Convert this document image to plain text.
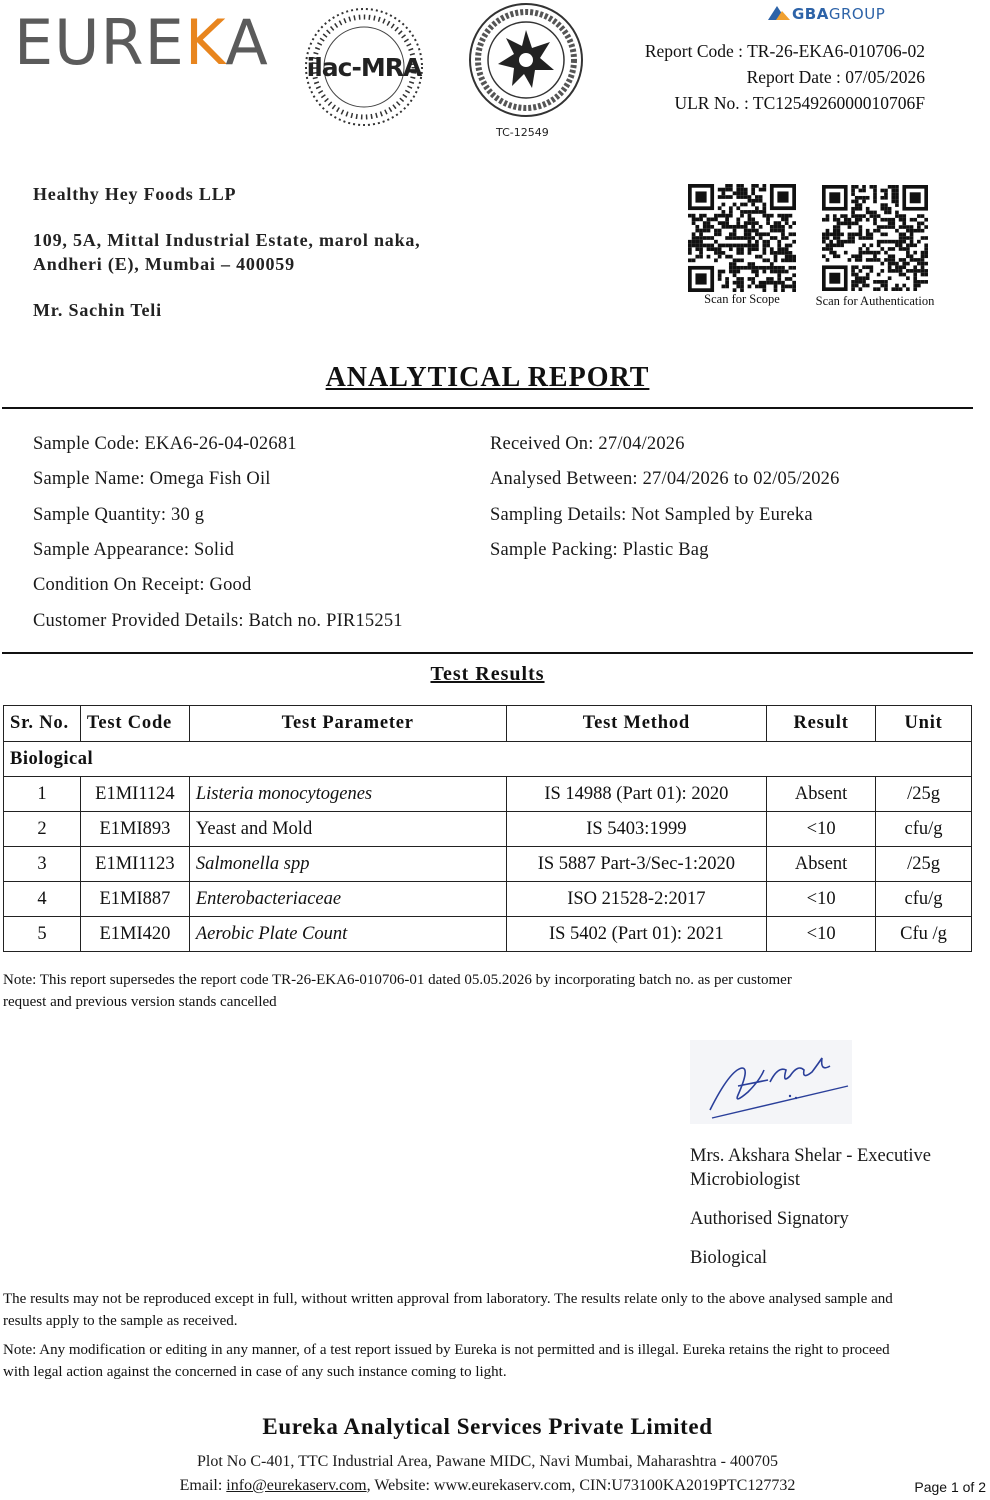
EUREKA ilac-MRA
TC-12549
GBAGROUP
Report Code : TR-26-EKA6-010706-02
Report Date : 07/05/2026
ULR No. : TC1254926000010706F
Healthy Hey Foods LLP
109, 5A, Mittal Industrial Estate, marol naka,
Andheri (E), Mumbai – 400059
Mr. Sachin Teli
Scan for Scope	Scan for Authentication
ANALYTICAL REPORT
Sample Code: EKA6-26-04-02681
Sample Name: Omega Fish Oil
Sample Quantity: 30 g
Sample Appearance: Solid
Condition On Receipt: Good
Customer Provided Details: Batch no. PIR15251
Received On: 27/04/2026
Analysed Between: 27/04/2026 to 02/05/2026
Sampling Details: Not Sampled by Eureka
Sample Packing: Plastic Bag
Test Results
Sr. No.	Test Code	Test Parameter	Test Method	Result	Unit
Biological					
1	E1MI1124	Listeria monocytogenes	IS 14988 (Part 01): 2020	Absent	/25g
2	E1MI893	Yeast and Mold	IS 5403:1999	<10	cfu/g
3	E1MI1123	Salmonella spp	IS 5887 Part-3/Sec-1:2020	Absent	/25g
4	E1MI887	Enterobacteriaceae	ISO 21528-2:2017	<10	cfu/g
5	E1MI420	Aerobic Plate Count	IS 5402 (Part 01): 2021	<10	Cfu /g
Note: This report supersedes the report code TR-26-EKA6-010706-01 dated 05.05.2026 by incorporating batch no. as per customer
request and previous version stands cancelled
Mrs. Akshara Shelar - Executive
Microbiologist
Authorised Signatory
Biological
The results may not be reproduced except in full, without written approval from laboratory. The results relate only to the above analysed sample and
results apply to the sample as received.
Note: Any modification or editing in any manner, of a test report issued by Eureka is not permitted and is illegal. Eureka retains the right to proceed
with legal action against the concerned in case of any such instance coming to light.
Eureka Analytical Services Private Limited
Plot No C-401, TTC Industrial Area, Pawane MIDC, Navi Mumbai, Maharashtra - 400705
Email: info@eurekaserv.com, Website: www.eurekaserv.com, CIN:U73100KA2019PTC127732	Page 1 of 2
